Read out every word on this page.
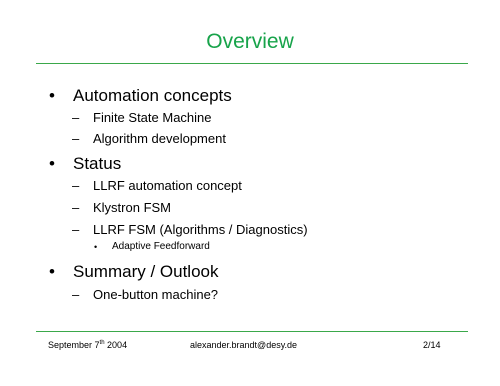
Overview
• Automation concepts
– Finite State Machine
– Algorithm development
• Status
– LLRF automation concept
– Klystron FSM
– LLRF FSM (Algorithms / Diagnostics)
• Adaptive Feedforward
• Summary / Outlook
– One-button machine?
September 7th 2004	alexander.brandt@desy.de	2/14
